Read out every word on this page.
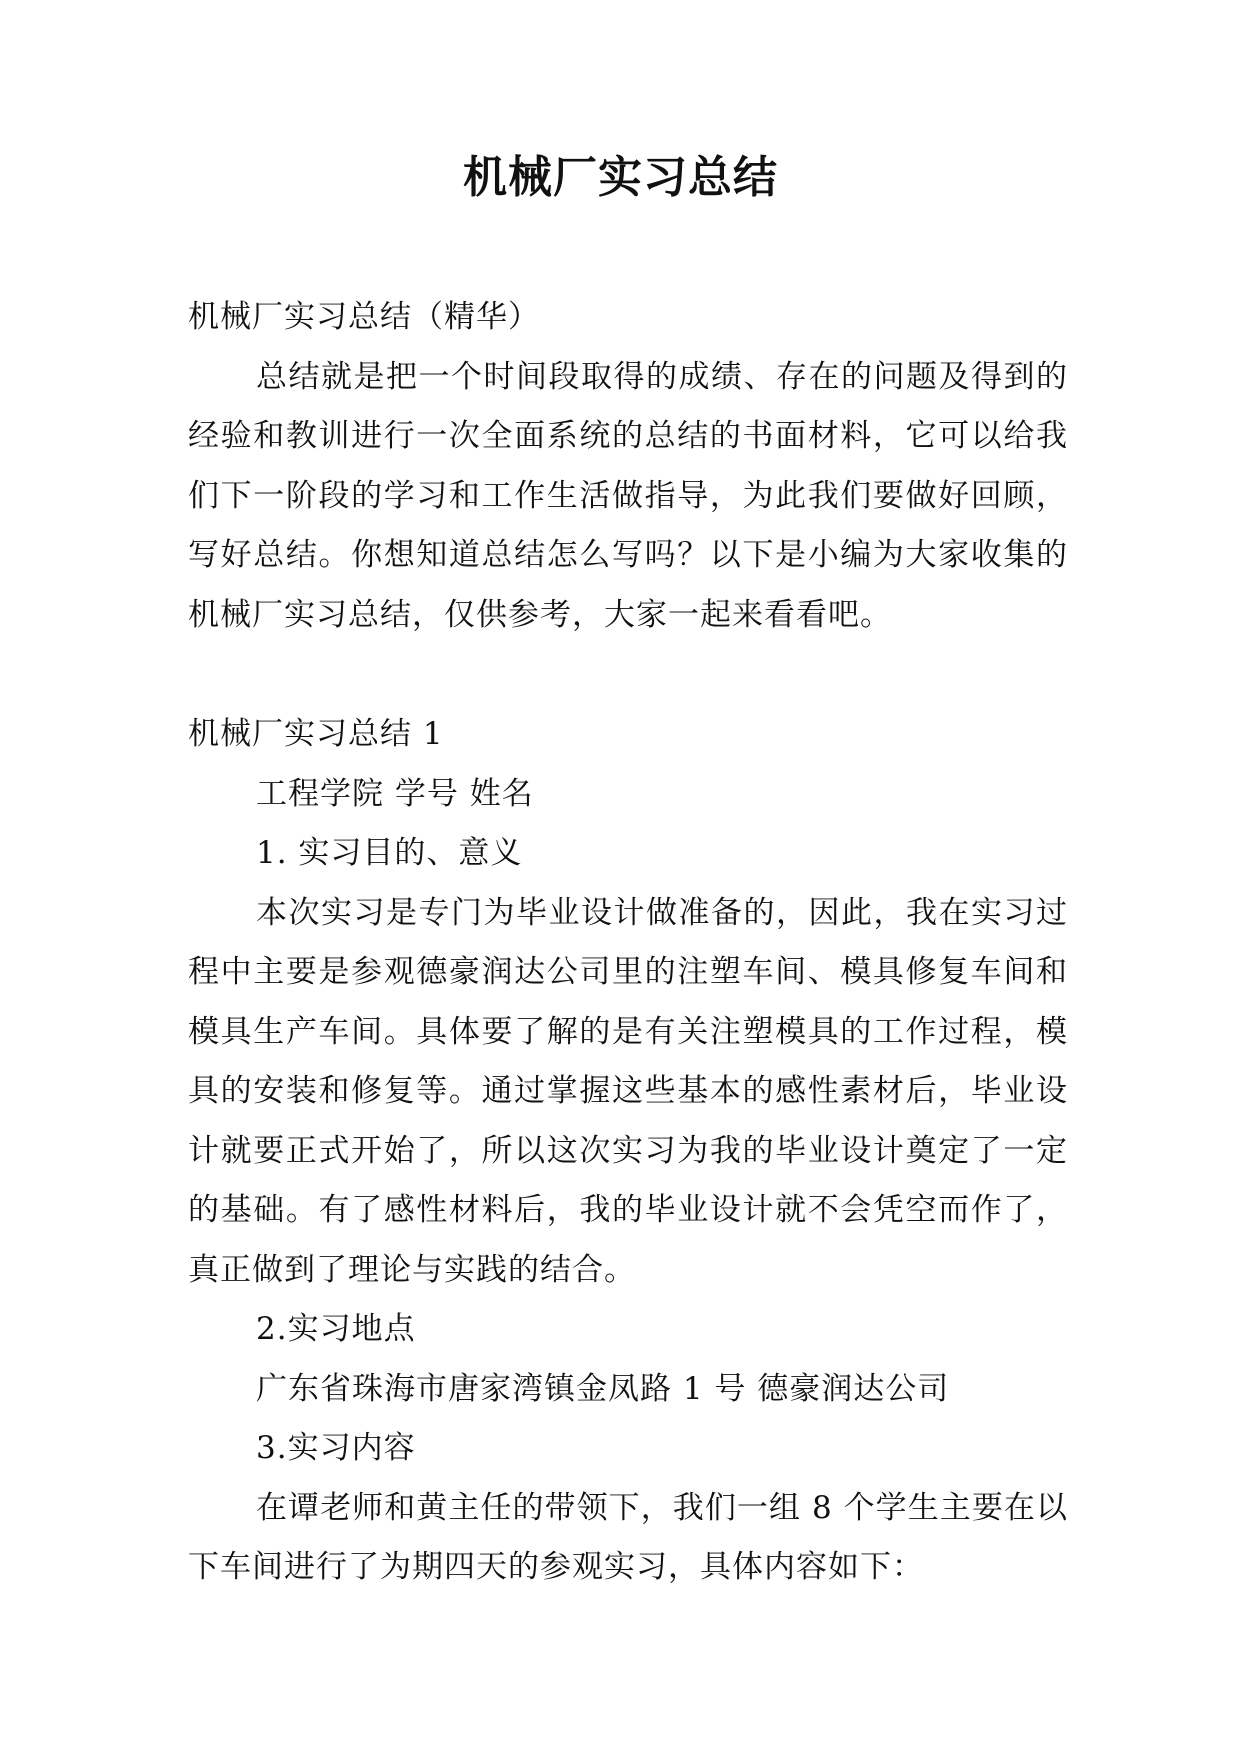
机械厂实习总结

机械厂实习总结（精华）

总结就是把一个时间段取得的成绩、存在的问题及得到的经验和教训进行一次全面系统的总结的书面材料，它可以给我们下一阶段的学习和工作生活做指导，为此我们要做好回顾，写好总结。你想知道总结怎么写吗？以下是小编为大家收集的机械厂实习总结，仅供参考，大家一起来看看吧。

机械厂实习总结 1

工程学院 学号 姓名

1. 实习目的、意义

本次实习是专门为毕业设计做准备的，因此，我在实习过程中主要是参观德豪润达公司里的注塑车间、模具修复车间和模具生产车间。具体要了解的是有关注塑模具的工作过程，模具的安装和修复等。通过掌握这些基本的感性素材后，毕业设计就要正式开始了，所以这次实习为我的毕业设计奠定了一定的基础。有了感性材料后，我的毕业设计就不会凭空而作了，真正做到了理论与实践的结合。

2.实习地点

广东省珠海市唐家湾镇金凤路 1 号 德豪润达公司

3.实习内容

在谭老师和黄主任的带领下，我们一组 8 个学生主要在以下车间进行了为期四天的参观实习，具体内容如下：
